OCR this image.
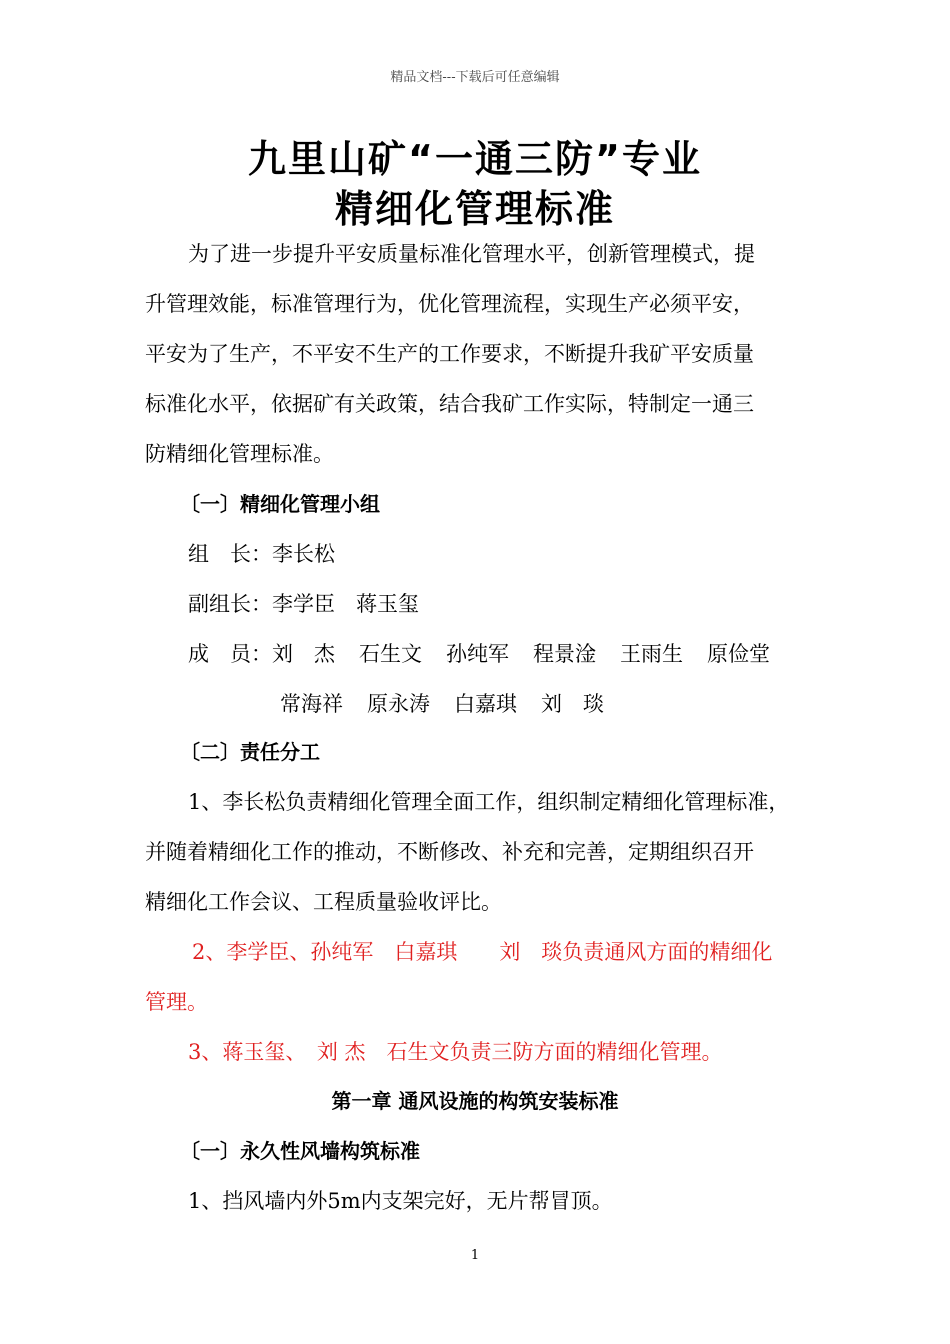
精品文档---下载后可任意编辑
九里山矿“一通三防”专业
精细化管理标准
为了进一步提升平安质量标准化管理水平，创新管理模式，提
升管理效能，标准管理行为，优化管理流程，实现生产必须平安，
平安为了生产，不平安不生产的工作要求，不断提升我矿平安质量
标准化水平，依据矿有关政策，结合我矿工作实际，特制定一通三
防精细化管理标准。
〔一〕精细化管理小组
组　长：李长松
副组长：李学臣　蒋玉玺
成　员：刘　杰 石生文 孙纯军 程景淦 王雨生 原俭堂
常海祥 原永涛 白嘉琪 刘　琰
〔二〕责任分工
1、李长松负责精细化管理全面工作，组织制定精细化管理标准，
并随着精细化工作的推动，不断修改、补充和完善，定期组织召开
精细化工作会议、工程质量验收评比。
2、李学臣、孙纯军　白嘉琪　　刘　琰负责通风方面的精细化
管理。
3、蒋玉玺、　刘 杰　石生文负责三防方面的精细化管理。
第一章 通风设施的构筑安装标准
〔一〕永久性风墙构筑标准
1、挡风墙内外5m内支架完好，无片帮冒顶。
1
